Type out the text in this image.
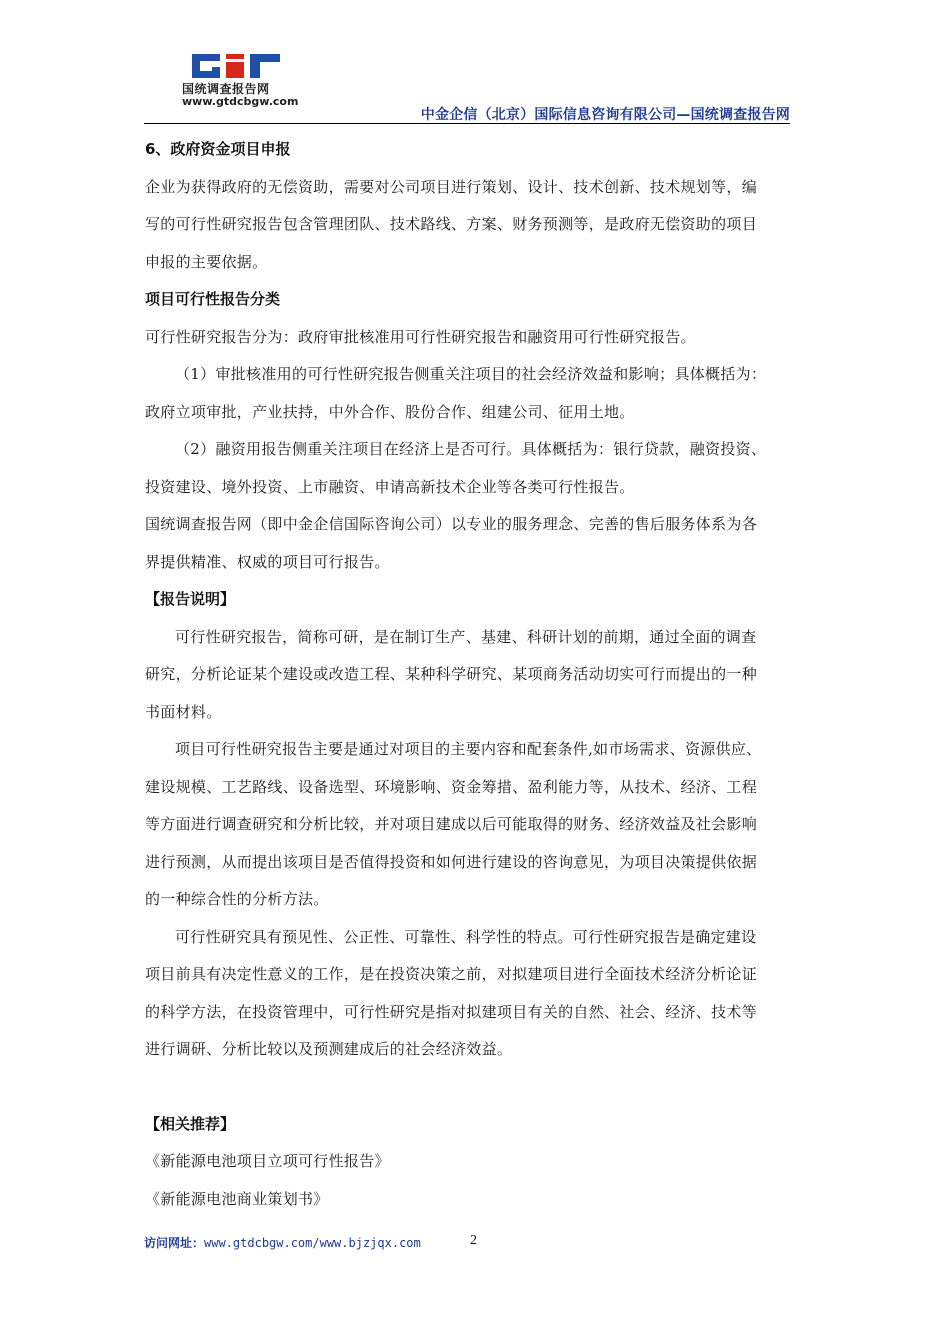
国统调查报告网
www.gtdcbgw.com
中金企信（北京）国际信息咨询有限公司—国统调查报告网

6、政府资金项目申报

企业为获得政府的无偿资助，需要对公司项目进行策划、设计、技术创新、技术规划等，编

写的可行性研究报告包含管理团队、技术路线、方案、财务预测等，是政府无偿资助的项目

申报的主要依据。

项目可行性报告分类

可行性研究报告分为：政府审批核准用可行性研究报告和融资用可行性研究报告。

（1）审批核准用的可行性研究报告侧重关注项目的社会经济效益和影响；具体概括为：

政府立项审批，产业扶持，中外合作、股份合作、组建公司、征用土地。

（2）融资用报告侧重关注项目在经济上是否可行。具体概括为：银行贷款，融资投资、

投资建设、境外投资、上市融资、申请高新技术企业等各类可行性报告。

国统调查报告网（即中金企信国际咨询公司）以专业的服务理念、完善的售后服务体系为各

界提供精准、权威的项目可行报告。

【报告说明】

可行性研究报告，简称可研，是在制订生产、基建、科研计划的前期，通过全面的调查

研究，分析论证某个建设或改造工程、某种科学研究、某项商务活动切实可行而提出的一种

书面材料。

项目可行性研究报告主要是通过对项目的主要内容和配套条件,如市场需求、资源供应、

建设规模、工艺路线、设备选型、环境影响、资金筹措、盈利能力等，从技术、经济、工程

等方面进行调查研究和分析比较，并对项目建成以后可能取得的财务、经济效益及社会影响

进行预测，从而提出该项目是否值得投资和如何进行建设的咨询意见，为项目决策提供依据

的一种综合性的分析方法。

可行性研究具有预见性、公正性、可靠性、科学性的特点。可行性研究报告是确定建设

项目前具有决定性意义的工作，是在投资决策之前，对拟建项目进行全面技术经济分析论证

的科学方法，在投资管理中，可行性研究是指对拟建项目有关的自然、社会、经济、技术等

进行调研、分析比较以及预测建成后的社会经济效益。

【相关推荐】

《新能源电池项目立项可行性报告》

《新能源电池商业策划书》

访问网址：www.gtdcbgw.com/www.bjzjqx.com	2
